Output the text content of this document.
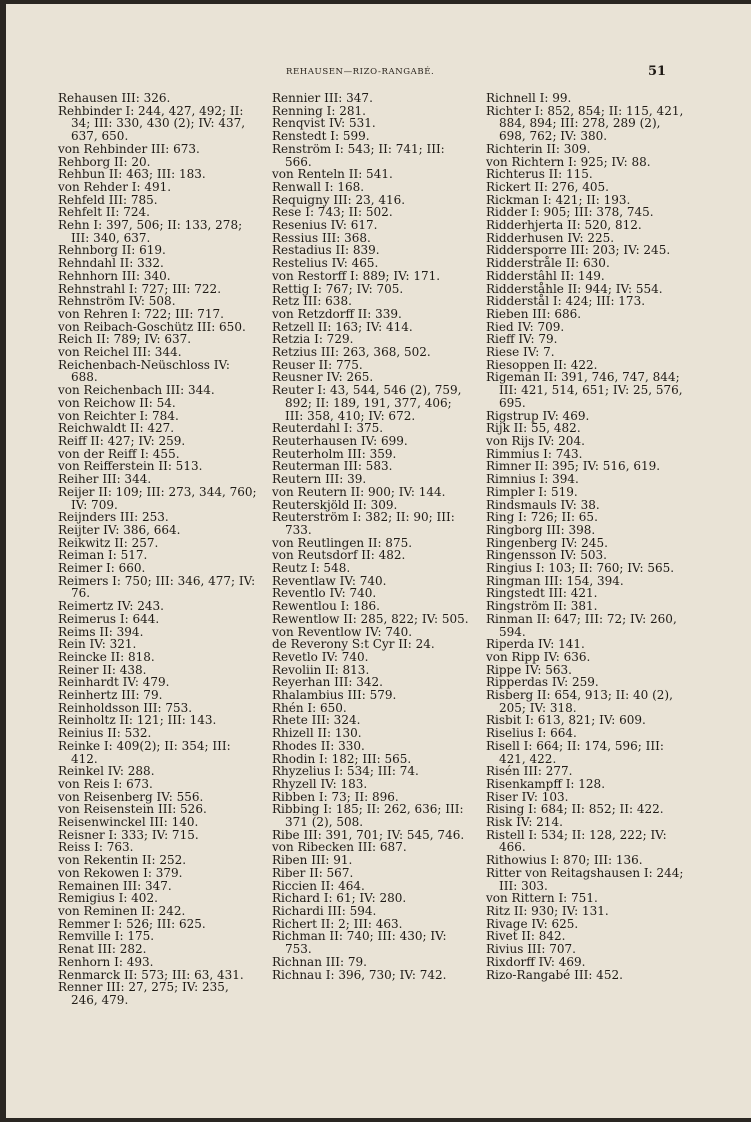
REHAUSEN—RIZO-RANGABÉ.	51
Rehausen III: 326.
Rehbinder I: 244, 427, 492; II: 34; III: 330, 430 (2); IV: 437, 637, 650.
von Rehbinder III: 673.
Rehborg II: 20.
Rehbun II: 463; III: 183.
von Rehder I: 491.
Rehfeld III: 785.
Rehfelt II: 724.
Rehn I: 397, 506; II: 133, 278; III: 340, 637.
Rehnborg II: 619.
Rehndahl II: 332.
Rehnhorn III: 340.
Rehnstrahl I: 727; III: 722.
Rehnström IV: 508.
von Rehren I: 722; III: 717.
von Reibach-Goschütz III: 650.
Reich II: 789; IV: 637.
von Reichel III: 344.
Reichenbach-Neüschloss IV: 688.
von Reichenbach III: 344.
von Reichow II: 54.
von Reichter I: 784.
Reichwaldt II: 427.
Reiff II: 427; IV: 259.
von der Reiff I: 455.
von Reifferstein II: 513.
Reiher III: 344.
Reijer II: 109; III: 273, 344, 760; IV: 709.
Reijnders III: 253.
Reijter IV: 386, 664.
Reikwitz II: 257.
Reiman I: 517.
Reimer I: 660.
Reimers I: 750; III: 346, 477; IV: 76.
Reimertz IV: 243.
Reimerus I: 644.
Reims II: 394.
Rein IV: 321.
Reincke II: 818.
Reiner II: 438.
Reinhardt IV: 479.
Reinhertz III: 79.
Reinholdsson III: 753.
Reinholtz II: 121; III: 143.
Reinius II: 532.
Reinke I: 409(2); II: 354; III: 412.
Reinkel IV: 288.
von Reis I: 673.
von Reisenberg IV: 556.
von Reisenstein III: 526.
Reisenwinckel III: 140.
Reisner I: 333; IV: 715.
Reiss I: 763.
von Rekentin II: 252.
von Rekowen I: 379.
Remainen III: 347.
Remigius I: 402.
von Reminen II: 242.
Remmer I: 526; III: 625.
Remville I: 175.
Renat III: 282.
Renhorn I: 493.
Renmarck II: 573; III: 63, 431.
Renner III: 27, 275; IV: 235, 246, 479.
Rennier III: 347.
Renning I: 281.
Renqvist IV: 531.
Renstedt I: 599.
Renström I: 543; II: 741; III: 566.
von Renteln II: 541.
Renwall I: 168.
Requigny III: 23, 416.
Rese I: 743; II: 502.
Resenius IV: 617.
Ressius III: 368.
Restadius II: 839.
Restelius IV: 465.
von Restorff I: 889; IV: 171.
Rettig I: 767; IV: 705.
Retz III: 638.
von Retzdorff II: 339.
Retzell II: 163; IV: 414.
Retzia I: 729.
Retzius III: 263, 368, 502.
Reuser II: 775.
Reusner IV: 265.
Reuter I: 43, 544, 546 (2), 759, 892; II: 189, 191, 377, 406; III: 358, 410; IV: 672.
Reuterdahl I: 375.
Reuterhausen IV: 699.
Reuterholm III: 359.
Reuterman III: 583.
Reutern III: 39.
von Reutern II: 900; IV: 144.
Reuterskjöld II: 309.
Reuterström I: 382; II: 90; III: 733.
von Reutlingen II: 875.
von Reutsdorf II: 482.
Reutz I: 548.
Reventlaw IV: 740.
Reventlo IV: 740.
Rewentlou I: 186.
Rewentlow II: 285, 822; IV: 505.
von Reventlow IV: 740.
de Reverony S:t Cyr II: 24.
Revetlo IV: 740.
Revoliin II: 813.
Reyerhan III: 342.
Rhalambius III: 579.
Rhén I: 650.
Rhete III: 324.
Rhizell II: 130.
Rhodes II: 330.
Rhodin I: 182; III: 565.
Rhyzelius I: 534; III: 74.
Rhyzell IV: 183.
Ribben I: 73; II: 896.
Ribbing I: 185; II: 262, 636; III: 371 (2), 508.
Ribe III: 391, 701; IV: 545, 746.
von Ribecken III: 687.
Riben III: 91.
Riber II: 567.
Riccien II: 464.
Richard I: 61; IV: 280.
Richardi III: 594.
Richert II: 2; III: 463.
Richman II: 740; III: 430; IV: 753.
Richnan III: 79.
Richnau I: 396, 730; IV: 742.
Richnell I: 99.
Richter I: 852, 854; II: 115, 421, 884, 894; III: 278, 289 (2), 698, 762; IV: 380.
Richterin II: 309.
von Richtern I: 925; IV: 88.
Richterus II: 115.
Rickert II: 276, 405.
Rickman I: 421; II: 193.
Ridder I: 905; III: 378, 745.
Ridderhjerta II: 520, 812.
Ridderhusen IV: 225.
Riddersporre III: 203; IV: 245.
Ridderstråle II: 630.
Ridderstâhl II: 149.
Ridderståhle II: 944; IV: 554.
Ridderstål I: 424; III: 173.
Rieben III: 686.
Ried IV: 709.
Rieff IV: 79.
Riese IV: 7.
Riesoppen II: 422.
Rigeman II: 391, 746, 747, 844; III: 421, 514, 651; IV: 25, 576, 695.
Rigstrup IV: 469.
Rijk II: 55, 482.
von Rijs IV: 204.
Rimmius I: 743.
Rimner II: 395; IV: 516, 619.
Rimnius I: 394.
Rimpler I: 519.
Rindsmauls IV: 38.
Ring I: 726; II: 65.
Ringborg III: 398.
Ringenberg IV: 245.
Ringensson IV: 503.
Ringius I: 103; II: 760; IV: 565.
Ringman III: 154, 394.
Ringstedt III: 421.
Ringström II: 381.
Rinman II: 647; III: 72; IV: 260, 594.
Riperda IV: 141.
von Ripp IV: 636.
Rippe IV: 563.
Ripperdas IV: 259.
Risberg II: 654, 913; II: 40 (2), 205; IV: 318.
Risbit I: 613, 821; IV: 609.
Riselius I: 664.
Risell I: 664; II: 174, 596; III: 421, 422.
Risén III: 277.
Risenkampff I: 128.
Riser IV: 103.
Rising I: 684; II: 852; II: 422.
Risk IV: 214.
Ristell I: 534; II: 128, 222; IV: 466.
Rithowius I: 870; III: 136.
Ritter von Reitagshausen I: 244; III: 303.
von Rittern I: 751.
Ritz II: 930; IV: 131.
Rivage IV: 625.
Rivet II: 842.
Rivius III: 707.
Rixdorff IV: 469.
Rizo-Rangabé III: 452.
